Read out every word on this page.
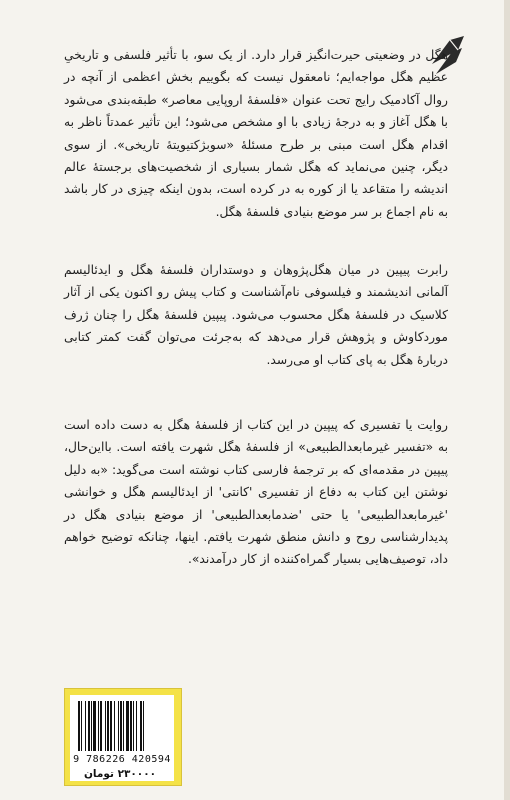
هگل در وضعیتی حیرت‌انگیز قرار دارد. از یک سو، با تأثیر فلسفی و تاریخیِ عظیم هگل مواجه‌ایم؛ نامعقول نیست که بگوییم بخش اعظمی از آنچه در روال آکادمیک رایج تحت عنوان «فلسفهٔ اروپایی معاصر» طبقه‌بندی می‌شود با هگل آغاز و به درجهٔ زیادی با او مشخص می‌شود؛ این تأثیر عمدتاً ناظر به اقدام هگل است مبنی بر طرح مسئلهٔ «سوبژکتیویتهٔ تاریخی». از سوی دیگر، چنین می‌نماید که هگل شمار بسیاری از شخصیت‌های برجستهٔ عالم اندیشه را متقاعد یا از کوره به در کرده است، بدون اینکه چیزی در کار باشد به نام اجماع بر سر موضع بنیادی فلسفهٔ هگل.
رابرت پیپین در میان هگل‌پژوهان و دوستداران فلسفهٔ هگل و ایدئالیسم آلمانی اندیشمند و فیلسوفی نام‌آشناست و کتاب پیش رو اکنون یکی از آثار کلاسیک در فلسفهٔ هگل محسوب می‌شود. پیپین فلسفهٔ هگل را چنان ژرف موردکاوش و پژوهش قرار می‌دهد که به‌جرئت می‌توان گفت کمتر کتابی دربارهٔ هگل به پای کتاب او می‌رسد.
روایت یا تفسیری که پیپین در این کتاب از فلسفهٔ هگل به دست داده است به «تفسیر غیرمابعدالطبیعی» از فلسفهٔ هگل شهرت یافته است. بااین‌حال، پیپین در مقدمه‌ای که بر ترجمهٔ فارسی کتاب نوشته است می‌گوید: «به دلیل نوشتن این کتاب به دفاع از تفسیری 'کانتی' از ایدئالیسم هگل و خوانشی 'غیرمابعدالطبیعی' یا حتی 'ضدمابعدالطبیعی' از موضع بنیادی هگل در پدیدارشناسی روح و دانش منطق شهرت یافتم. اینها، چنانکه توضیح خواهم داد، توصیف‌هایی بسیار گمراه‌کننده از کار درآمدند».
9 786226 420594
۲۳۰۰۰۰ تومان
